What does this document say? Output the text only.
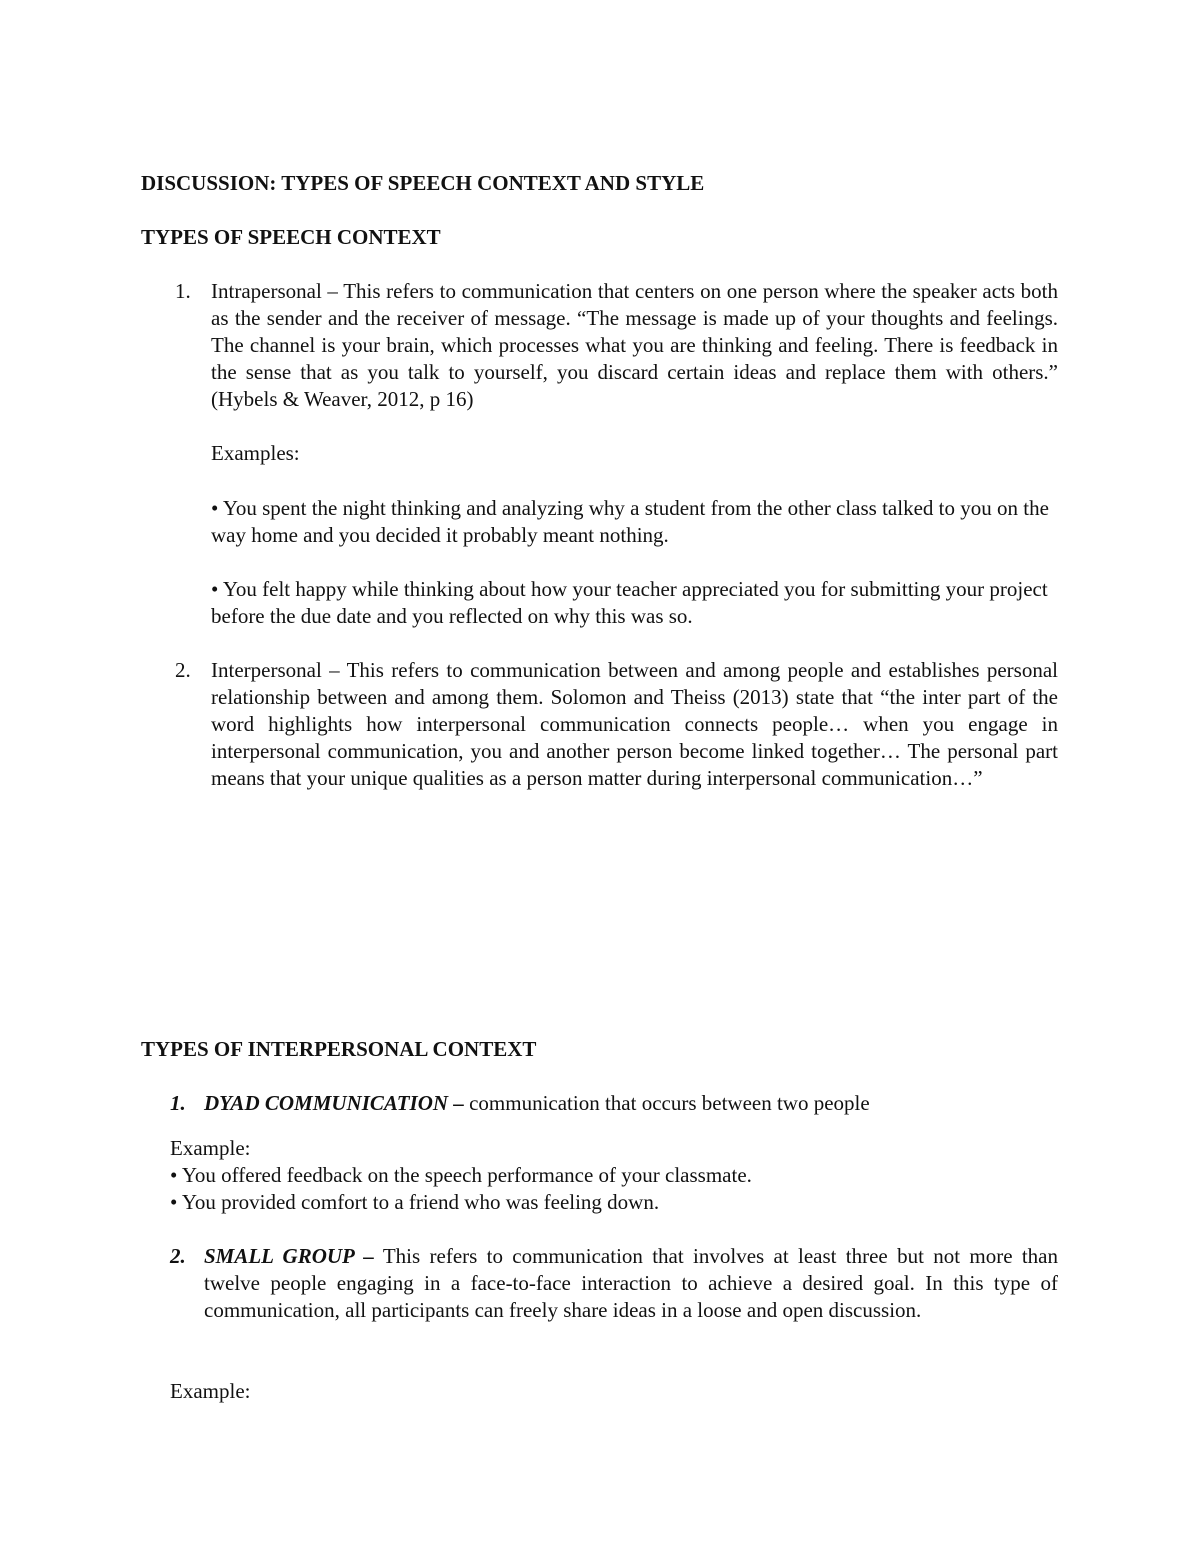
DISCUSSION: TYPES OF SPEECH CONTEXT AND STYLE

TYPES OF SPEECH CONTEXT

1. Intrapersonal – This refers to communication that centers on one person where the speaker acts both as the sender and the receiver of message. “The message is made up of your thoughts and feelings. The channel is your brain, which processes what you are thinking and feeling. There is feedback in the sense that as you talk to yourself, you discard certain ideas and replace them with others.” (Hybels & Weaver, 2012, p 16)

Examples:

• You spent the night thinking and analyzing why a student from the other class talked to you on the way home and you decided it probably meant nothing.

• You felt happy while thinking about how your teacher appreciated you for submitting your project before the due date and you reflected on why this was so.

2. Interpersonal – This refers to communication between and among people and establishes personal relationship between and among them. Solomon and Theiss (2013) state that “the inter part of the word highlights how interpersonal communication connects people… when you engage in interpersonal communication, you and another person become linked together… The personal part means that your unique qualities as a person matter during interpersonal communication…”

TYPES OF INTERPERSONAL CONTEXT

1. DYAD COMMUNICATION – communication that occurs between two people

Example:

• You offered feedback on the speech performance of your classmate.

• You provided comfort to a friend who was feeling down.

2. SMALL GROUP – This refers to communication that involves at least three but not more than twelve people engaging in a face-to-face interaction to achieve a desired goal. In this type of communication, all participants can freely share ideas in a loose and open discussion.

Example:
